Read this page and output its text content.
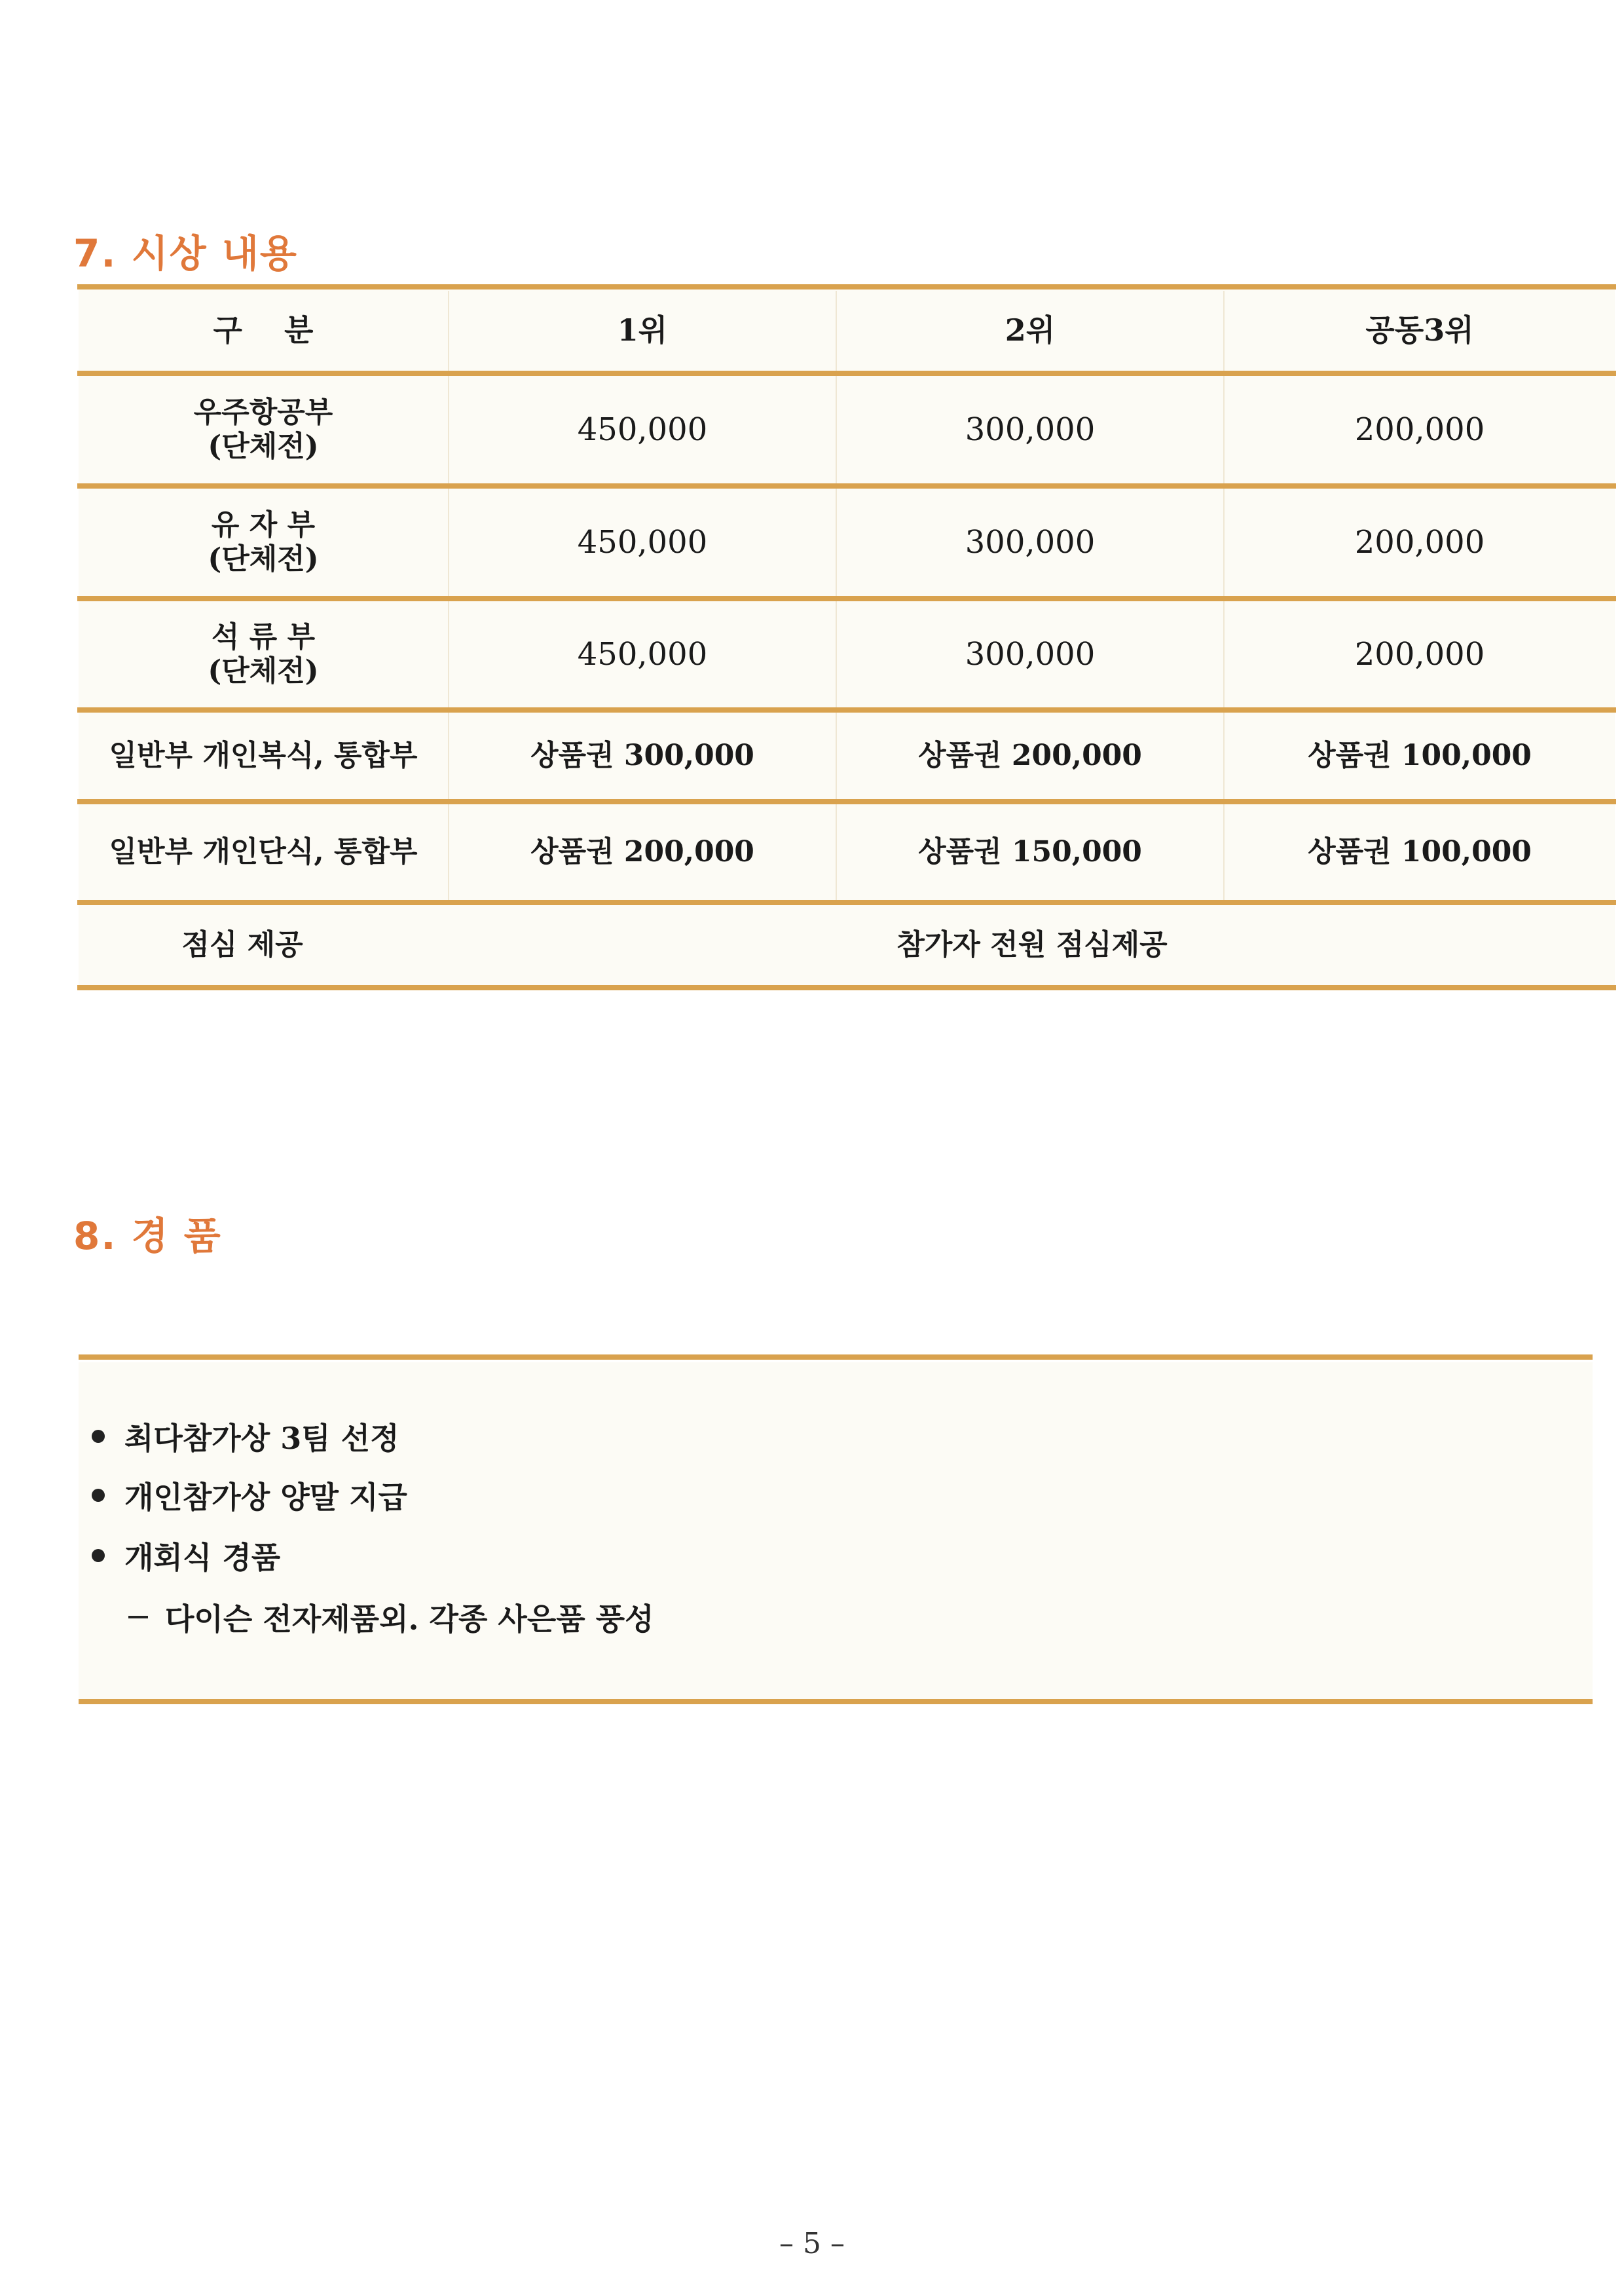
7. 시상 내용
구    분	1위	2위	공동3위
우주항공부
(단체전)	450,000	300,000	200,000
유 자 부
(단체전)	450,000	300,000	200,000
석 류 부
(단체전)	450,000	300,000	200,000
일반부 개인복식, 통합부	상품권 300,000	상품권 200,000	상품권 100,000
일반부 개인단식, 통합부	상품권 200,000	상품권 150,000	상품권 100,000
점심 제공	참가자 전원 점심제공
8. 경 품
최다참가상 3팀 선정
개인참가상 양말 지급
개회식 경품
다이슨 전자제품외. 각종 사은품 풍성
– 5 –
